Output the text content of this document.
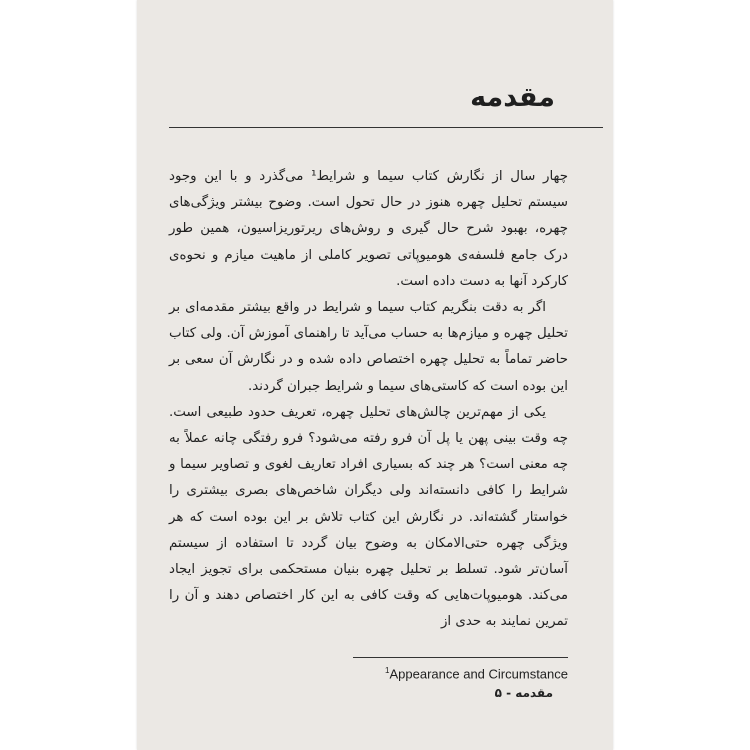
مقدمه

چهار سال از نگارش کتاب سیما و شرایط¹ می‌گذرد و با این وجود سیستم تحلیل چهره هنوز در حال تحول است. وضوح بیشتر ویژگی‌های چهره، بهبود شرح حال گیری و روش‌های ریرتوریزاسیون، همین طور درک جامع فلسفه‌ی هومیوپاتی تصویر کاملی از ماهیت میازم و نحوه‌ی کارکرد آنها به دست داده است.

اگر به دقت بنگریم کتاب سیما و شرایط در واقع بیشتر مقدمه‌ای بر تحلیل چهره و میازم‌ها به حساب می‌آید تا راهنمای آموزش آن. ولی کتاب حاضر تماماً به تحلیل چهره اختصاص داده شده و در نگارش آن سعی بر این بوده است که کاستی‌های سیما و شرایط جبران گردند.

یکی از مهم‌ترین چالش‌های تحلیل چهره، تعریف حدود طبیعی است. چه وقت بینی پهن یا پل آن فرو رفته می‌شود؟ فرو رفتگی چانه عملاً به چه معنی است؟ هر چند که بسیاری افراد تعاریف لغوی و تصاویر سیما و شرایط را کافی دانسته‌اند ولی دیگران شاخص‌های بصری بیشتری را خواستار گشته‌اند. در نگارش این کتاب تلاش بر این بوده است که هر ویژگی چهره حتی‌الامکان به وضوح بیان گردد تا استفاده از سیستم آسان‌تر شود. تسلط بر تحلیل چهره بنیان مستحکمی برای تجویز ایجاد می‌کند. هومیوپات‌هایی که وقت کافی به این کار اختصاص دهند و آن را تمرین نمایند به حدی از

$^1$Appearance and Circumstance
مقدمه - ۵
